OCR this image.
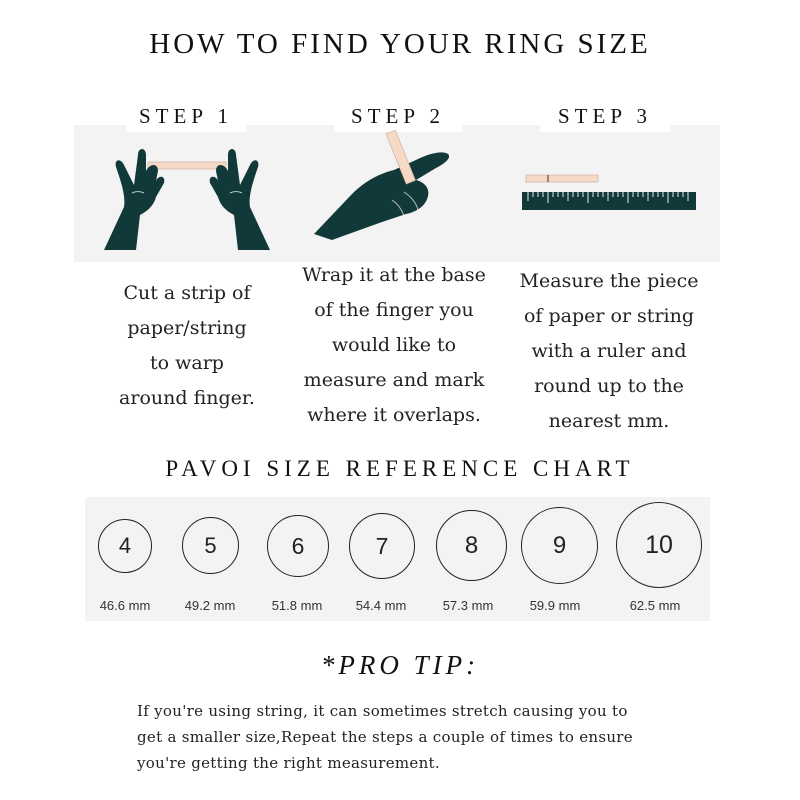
HOW TO FIND YOUR RING SIZE
STEP 1	STEP 2	STEP 3
Cut a strip of
paper/string
to warp
around finger.
Wrap it at the base
of the finger you
would like to
measure and mark
where it overlaps.
Measure the piece
of paper or string
with a ruler and
round up to the
nearest mm.
PAVOI SIZE REFERENCE CHART
4	5	6	7	8	9	10
46.6 mm	49.2 mm	51.8 mm	54.4 mm	57.3 mm	59.9 mm	62.5 mm
*PRO TIP:
If you're using string, it can sometimes stretch causing you to
get a smaller size,Repeat the steps a couple of times to ensure
you're getting the right measurement.
